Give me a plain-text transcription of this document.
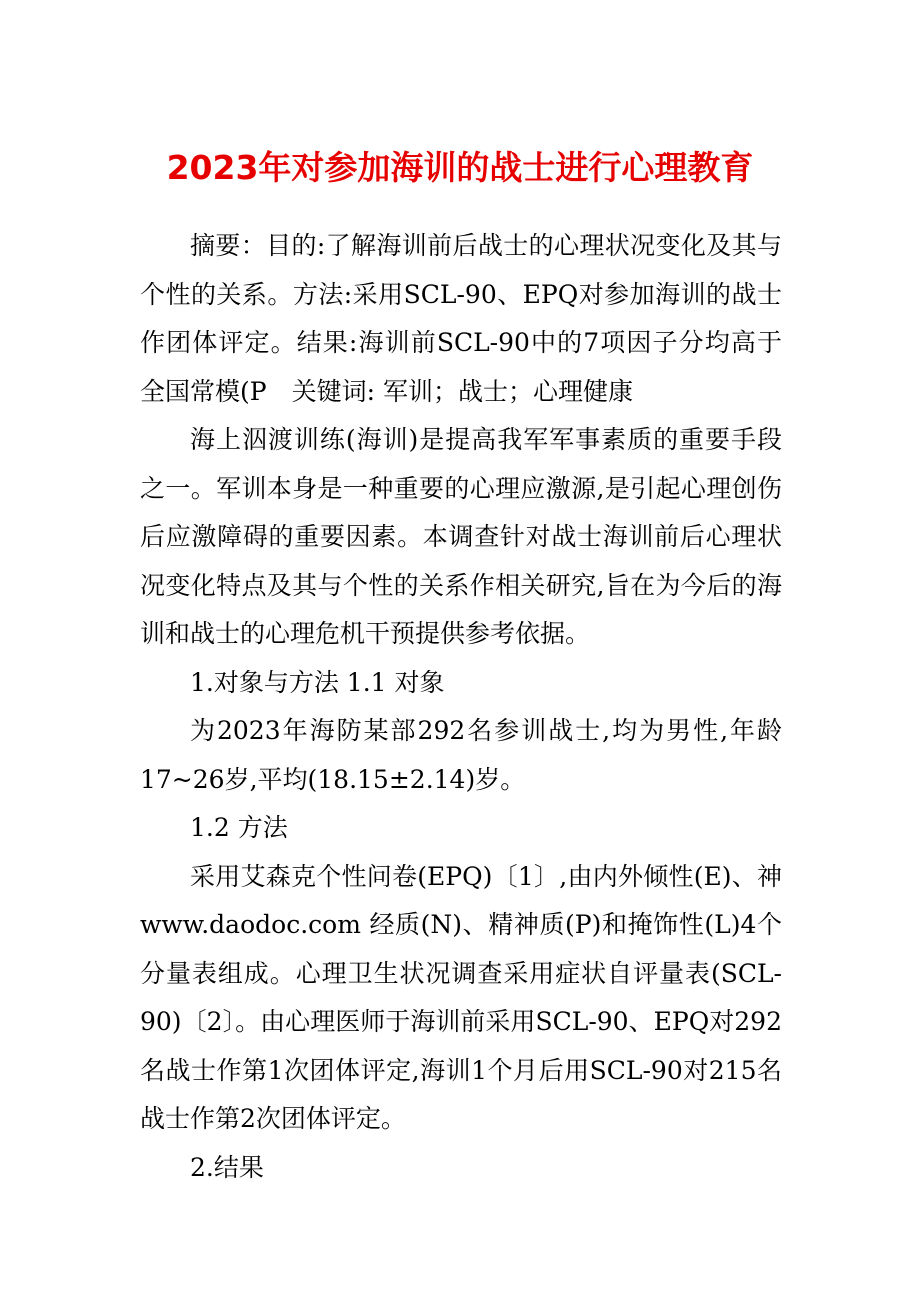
2023年对参加海训的战士进行心理教育

摘要：目的:了解海训前后战士的心理状况变化及其与个性的关系。方法:采用SCL-90、EPQ对参加海训的战士作团体评定。结果:海训前SCL-90中的7项因子分均高于全国常模(P　关键词: 军训；战士；心理健康

海上泅渡训练(海训)是提高我军军事素质的重要手段之一。军训本身是一种重要的心理应激源,是引起心理创伤后应激障碍的重要因素。本调查针对战士海训前后心理状况变化特点及其与个性的关系作相关研究,旨在为今后的海训和战士的心理危机干预提供参考依据。

1.对象与方法 1.1 对象

为2023年海防某部292名参训战士,均为男性,年龄17~26岁,平均(18.15±2.14)岁。

1.2 方法

采用艾森克个性问卷(EPQ)〔1〕,由内外倾性(E)、神www.daodoc.com 经质(N)、精神质(P)和掩饰性(L)4个分量表组成。心理卫生状况调查采用症状自评量表(SCL-90)〔2〕。由心理医师于海训前采用SCL-90、EPQ对292名战士作第1次团体评定,海训1个月后用SCL-90对215名战士作第2次团体评定。

2.结果
